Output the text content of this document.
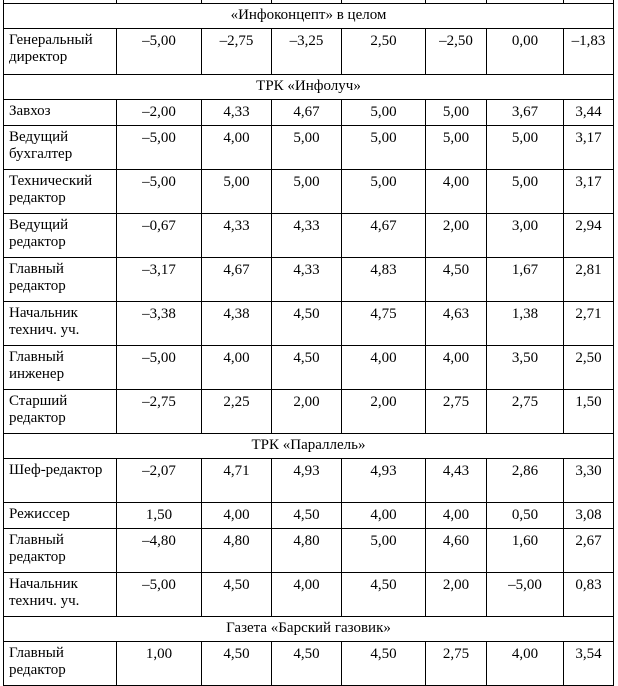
«Инфоконцепт» в целом							
Генеральный директор	–5,00	–2,75	–3,25	2,50	–2,50	0,00	–1,83
ТРК «Инфолуч»							
Завхоз	–2,00	4,33	4,67	5,00	5,00	3,67	3,44
Ведущий бухгалтер	–5,00	4,00	5,00	5,00	5,00	5,00	3,17
Технический редактор	–5,00	5,00	5,00	5,00	4,00	5,00	3,17
Ведущий редактор	–0,67	4,33	4,33	4,67	2,00	3,00	2,94
Главный редактор	–3,17	4,67	4,33	4,83	4,50	1,67	2,81
Начальник технич. уч.	–3,38	4,38	4,50	4,75	4,63	1,38	2,71
Главный инженер	–5,00	4,00	4,50	4,00	4,00	3,50	2,50
Старший редактор	–2,75	2,25	2,00	2,00	2,75	2,75	1,50
ТРК «Параллель»							
Шеф-редактор	–2,07	4,71	4,93	4,93	4,43	2,86	3,30
Режиссер	1,50	4,00	4,50	4,00	4,00	0,50	3,08
Главный редактор	–4,80	4,80	4,80	5,00	4,60	1,60	2,67
Начальник технич. уч.	–5,00	4,50	4,00	4,50	2,00	–5,00	0,83
Газета «Барский газовик»							
Главный редактор	1,00	4,50	4,50	4,50	2,75	4,00	3,54
